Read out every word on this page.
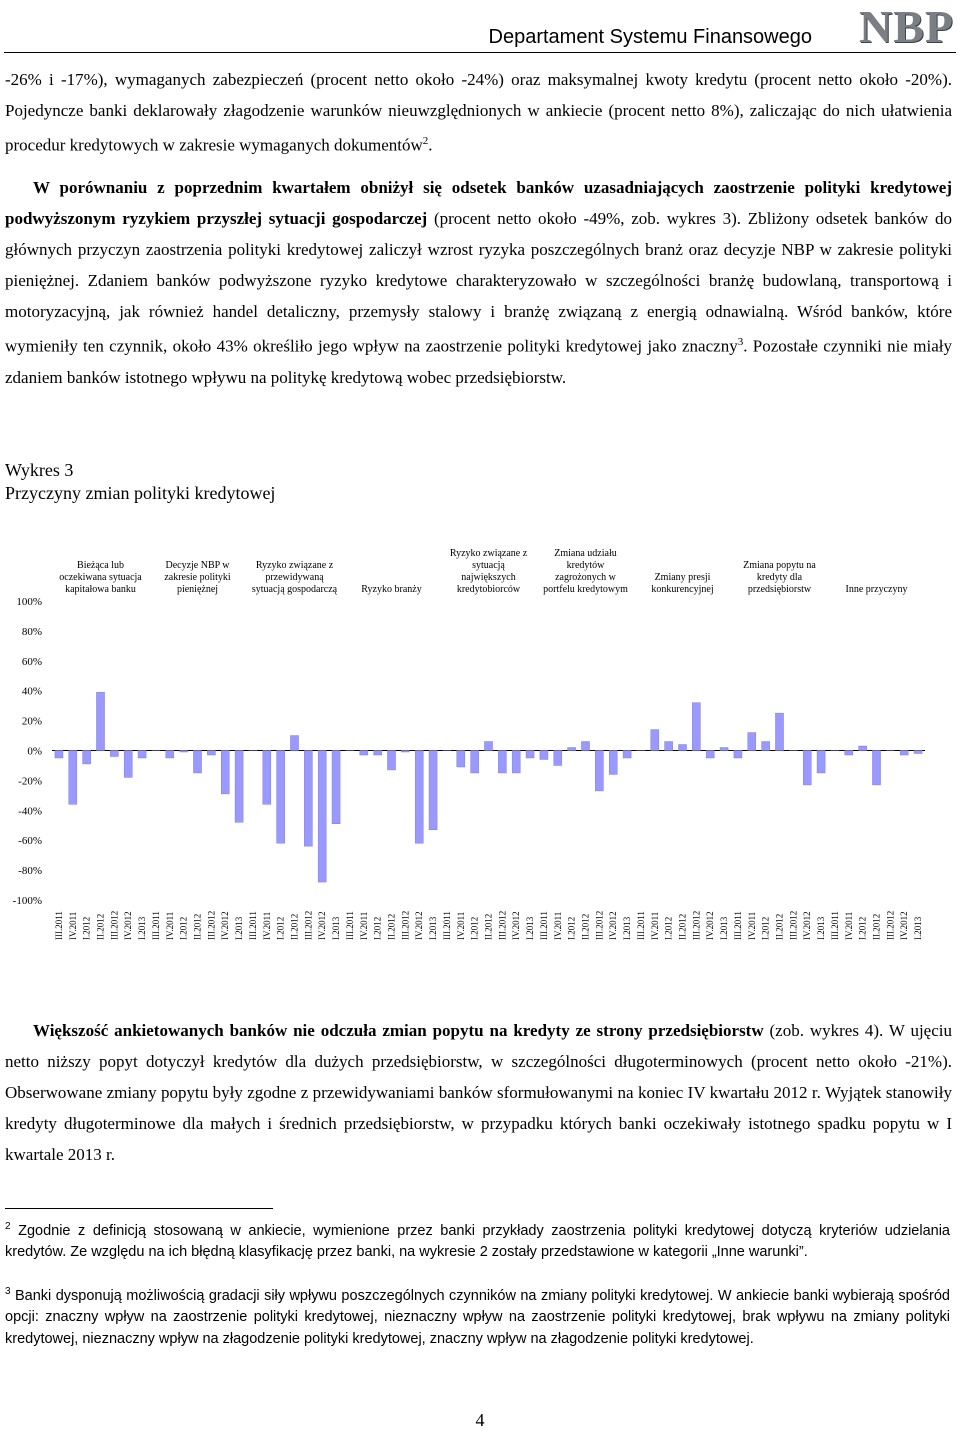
Departament Systemu Finansowego NBP

-26% i -17%), wymaganych zabezpieczeń (procent netto około -24%) oraz maksymalnej kwoty kredytu (procent netto około -20%). Pojedyncze banki deklarowały złagodzenie warunków nieuwzględnionych w ankiecie (procent netto 8%), zaliczając do nich ułatwienia procedur kredytowych w zakresie wymaganych dokumentów$^2$.

W porównaniu z poprzednim kwartałem obniżył się odsetek banków uzasadniających zaostrzenie polityki kredytowej podwyższonym ryzykiem przyszłej sytuacji gospodarczej (procent netto około -49%, zob. wykres 3). Zbliżony odsetek banków do głównych przyczyn zaostrzenia polityki kredytowej zaliczył wzrost ryzyka poszczególnych branż oraz decyzje NBP w zakresie polityki pieniężnej. Zdaniem banków podwyższone ryzyko kredytowe charakteryzowało w szczególności branżę budowlaną, transportową i motoryzacyjną, jak również handel detaliczny, przemysły stalowy i branżę związaną z energią odnawialną. Wśród banków, które wymieniły ten czynnik, około 43% określiło jego wpływ na zaostrzenie polityki kredytowej jako znaczny$^3$. Pozostałe czynniki nie miały zdaniem banków istotnego wpływu na politykę kredytową wobec przedsiębiorstw.

Wykres 3
Przyczyny zmian polityki kredytowej
100%
80%
60%
40%
20%
0%
-20%
-40%
-60%
-80%
-100%
Bieżąca lub oczekiwana sytuacja kapitałowa banku
III.2011 IV.2011 I.2012 II.2012 III.2012 IV.2012 I.2013
Decyzje NBP w zakresie polityki pieniężnej
III.2011 IV.2011 I.2012 II.2012 III.2012 IV.2012 I.2013
Ryzyko związane z przewidywaną sytuacją gospodarczą
III.2011 IV.2011 I.2012 II.2012 III.2012 IV.2012 I.2013
Ryzyko branży
III.2011 IV.2011 I.2012 II.2012 III.2012 IV.2012 I.2013
Ryzyko związane z sytuacją największych kredytobiorców
III.2011 IV.2011 I.2012 II.2012 III.2012 IV.2012 I.2013
Zmiana udziału kredytów zagrożonych w portfelu kredytowym
III.2011 IV.2011 I.2012 II.2012 III.2012 IV.2012 I.2013
Zmiany presji konkurencyjnej
III.2011 IV.2011 I.2012 II.2012 III.2012 IV.2012 I.2013
Zmiana popytu na kredyty dla przedsiębiorstw
III.2011 IV.2011 I.2012 II.2012 III.2012 IV.2012 I.2013
Inne przyczyny
III.2011 IV.2011 I.2012 II.2012 III.2012 IV.2012 I.2013

Większość ankietowanych banków nie odczuła zmian popytu na kredyty ze strony przedsiębiorstw (zob. wykres 4). W ujęciu netto niższy popyt dotyczył kredytów dla dużych przedsiębiorstw, w szczególności długoterminowych (procent netto około -21%). Obserwowane zmiany popytu były zgodne z przewidywaniami banków sformułowanymi na koniec IV kwartału 2012 r. Wyjątek stanowiły kredyty długoterminowe dla małych i średnich przedsiębiorstw, w przypadku których banki oczekiwały istotnego spadku popytu w I kwartale 2013 r.

$^2$ Zgodnie z definicją stosowaną w ankiecie, wymienione przez banki przykłady zaostrzenia polityki kredytowej dotyczą kryteriów udzielania kredytów. Ze względu na ich błędną klasyfikację przez banki, na wykresie 2 zostały przedstawione w kategorii „Inne warunki”.

$^3$ Banki dysponują możliwością gradacji siły wpływu poszczególnych czynników na zmiany polityki kredytowej. W ankiecie banki wybierają spośród opcji: znaczny wpływ na zaostrzenie polityki kredytowej, nieznaczny wpływ na zaostrzenie polityki kredytowej, brak wpływu na zmiany polityki kredytowej, nieznaczny wpływ na złagodzenie polityki kredytowej, znaczny wpływ na złagodzenie polityki kredytowej.

4
